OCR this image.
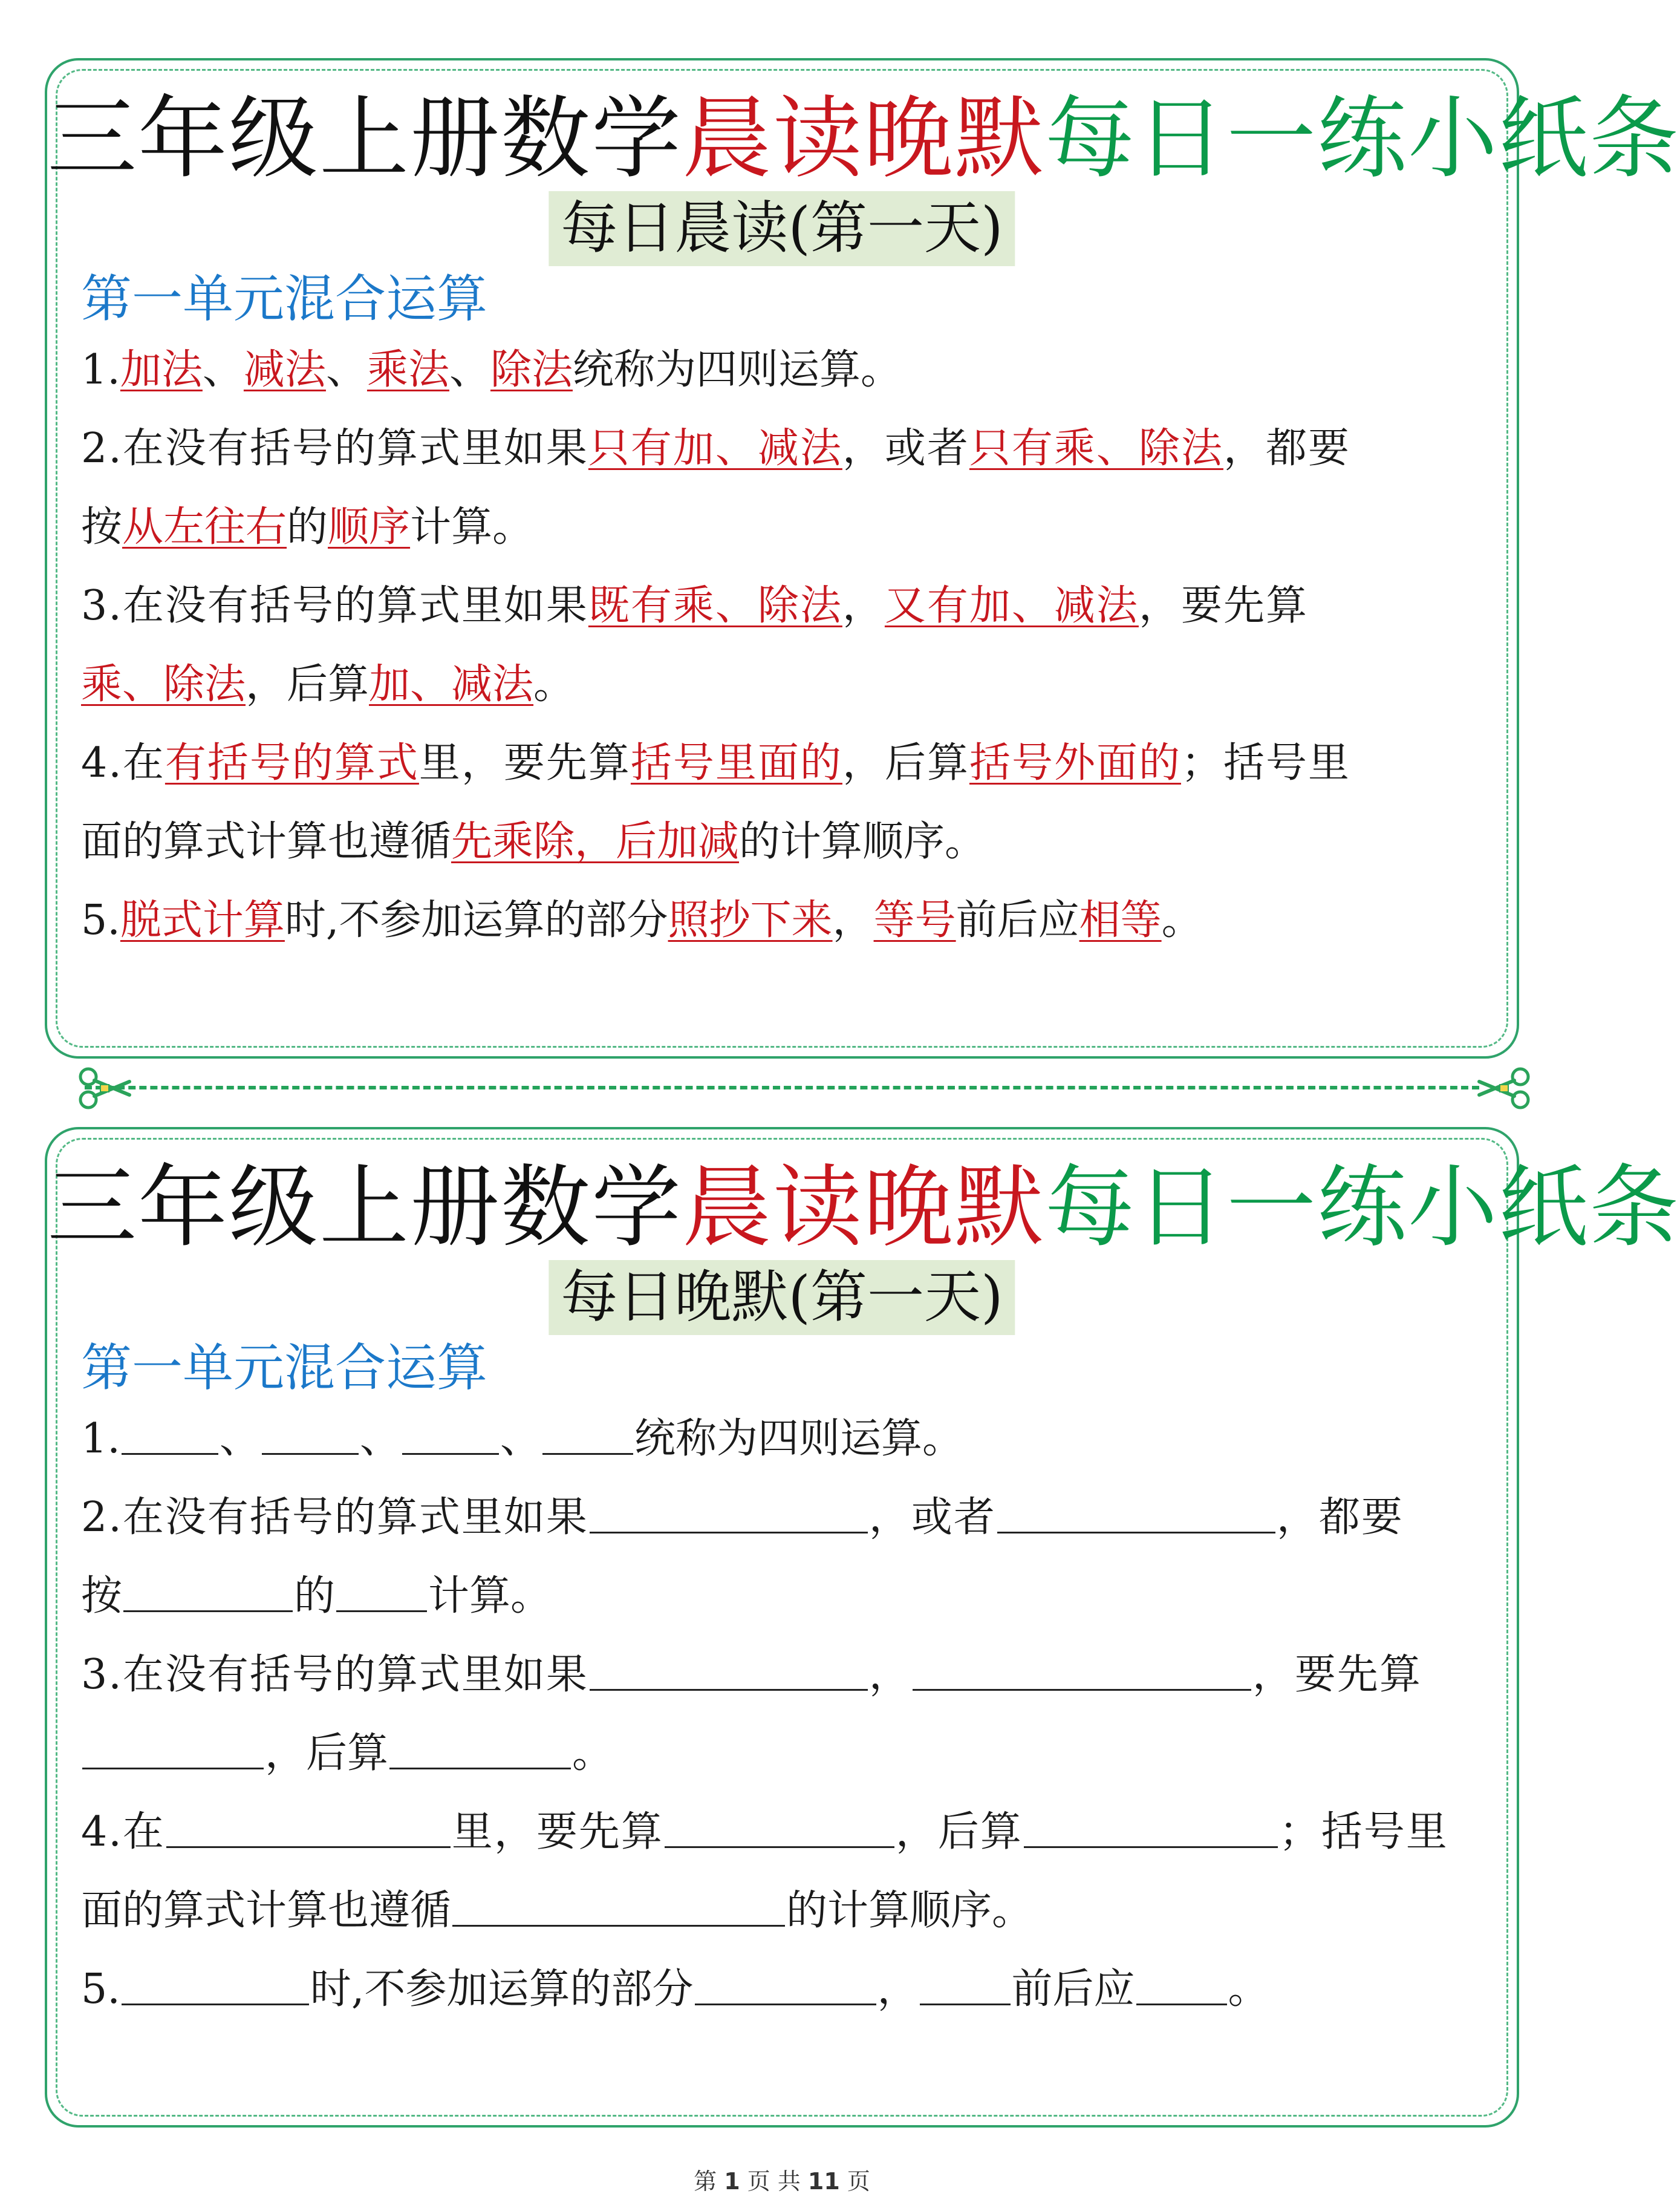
三年级上册数学晨读晚默每日一练小纸条
每日晨读(第一天)
第一单元混合运算
1.加法、减法、乘法、除法统称为四则运算。
2.在没有括号的算式里如果只有加、减法，或者只有乘、除法，都要
按从左往右的顺序计算。
3.在没有括号的算式里如果既有乘、除法，又有加、减法，要先算
乘、除法，后算加、减法。
4.在有括号的算式里，要先算括号里面的，后算括号外面的；括号里
面的算式计算也遵循先乘除，后加减的计算顺序。
5.脱式计算时,不参加运算的部分照抄下来，等号前后应相等。
三年级上册数学晨读晚默每日一练小纸条
每日晚默(第一天)
第一单元混合运算
1. 、 、 、 统称为四则运算。
2.在没有括号的算式里如果	，或者	，都要
按	的 计算。
3.在没有括号的算式里如果	，	，要先算
，后算	。
4.在	里，要先算	，后算	；括号里
面的算式计算也遵循	的计算顺序。
5.	时,不参加运算的部分	， 前后应 。
第 1 页 共 11 页
